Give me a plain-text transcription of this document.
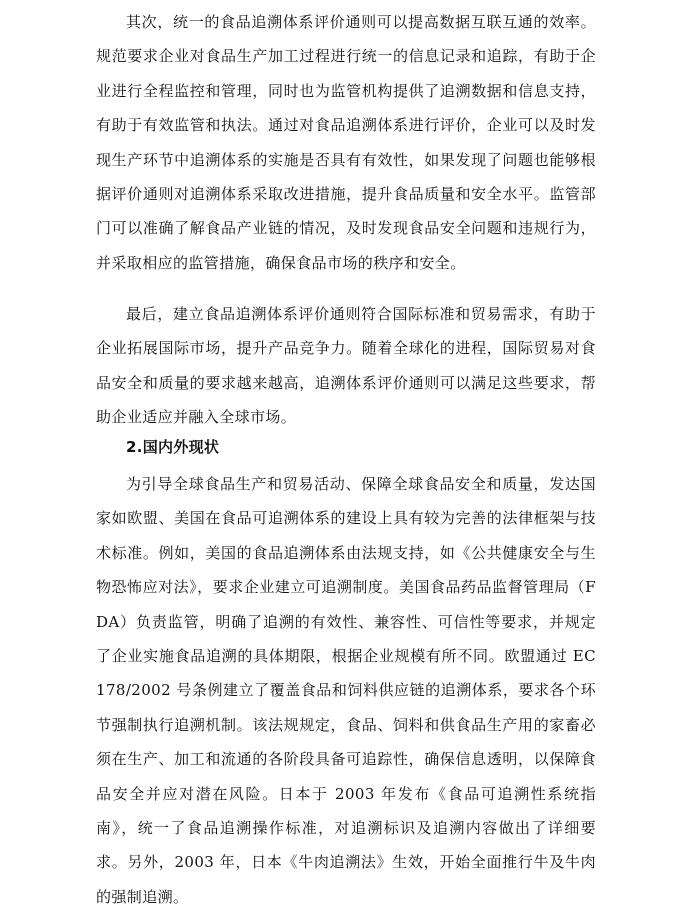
其次，统一的食品追溯体系评价通则可以提高数据互联互通的效率。规范要求企业对食品生产加工过程进行统一的信息记录和追踪，有助于企业进行全程监控和管理，同时也为监管机构提供了追溯数据和信息支持，有助于有效监管和执法。通过对食品追溯体系进行评价，企业可以及时发现生产环节中追溯体系的实施是否具有有效性，如果发现了问题也能够根据评价通则对追溯体系采取改进措施，提升食品质量和安全水平。监管部门可以准确了解食品产业链的情况，及时发现食品安全问题和违规行为，并采取相应的监管措施，确保食品市场的秩序和安全。

最后，建立食品追溯体系评价通则符合国际标准和贸易需求，有助于企业拓展国际市场，提升产品竞争力。随着全球化的进程，国际贸易对食品安全和质量的要求越来越高，追溯体系评价通则可以满足这些要求，帮助企业适应并融入全球市场。

2.国内外现状

为引导全球食品生产和贸易活动、保障全球食品安全和质量，发达国家如欧盟、美国在食品可追溯体系的建设上具有较为完善的法律框架与技术标准。例如，美国的食品追溯体系由法规支持，如《公共健康安全与生物恐怖应对法》，要求企业建立可追溯制度。美国食品药品监督管理局（FDA）负责监管，明确了追溯的有效性、兼容性、可信性等要求，并规定了企业实施食品追溯的具体期限，根据企业规模有所不同。欧盟通过 EC 178/2002 号条例建立了覆盖食品和饲料供应链的追溯体系，要求各个环节强制执行追溯机制。该法规规定，食品、饲料和供食品生产用的家畜必须在生产、加工和流通的各阶段具备可追踪性，确保信息透明，以保障食品安全并应对潜在风险。日本于 2003 年发布《食品可追溯性系统指南》，统一了食品追溯操作标准，对追溯标识及追溯内容做出了详细要求。另外，2003 年，日本《牛肉追溯法》生效，开始全面推行牛及牛肉的强制追溯。
